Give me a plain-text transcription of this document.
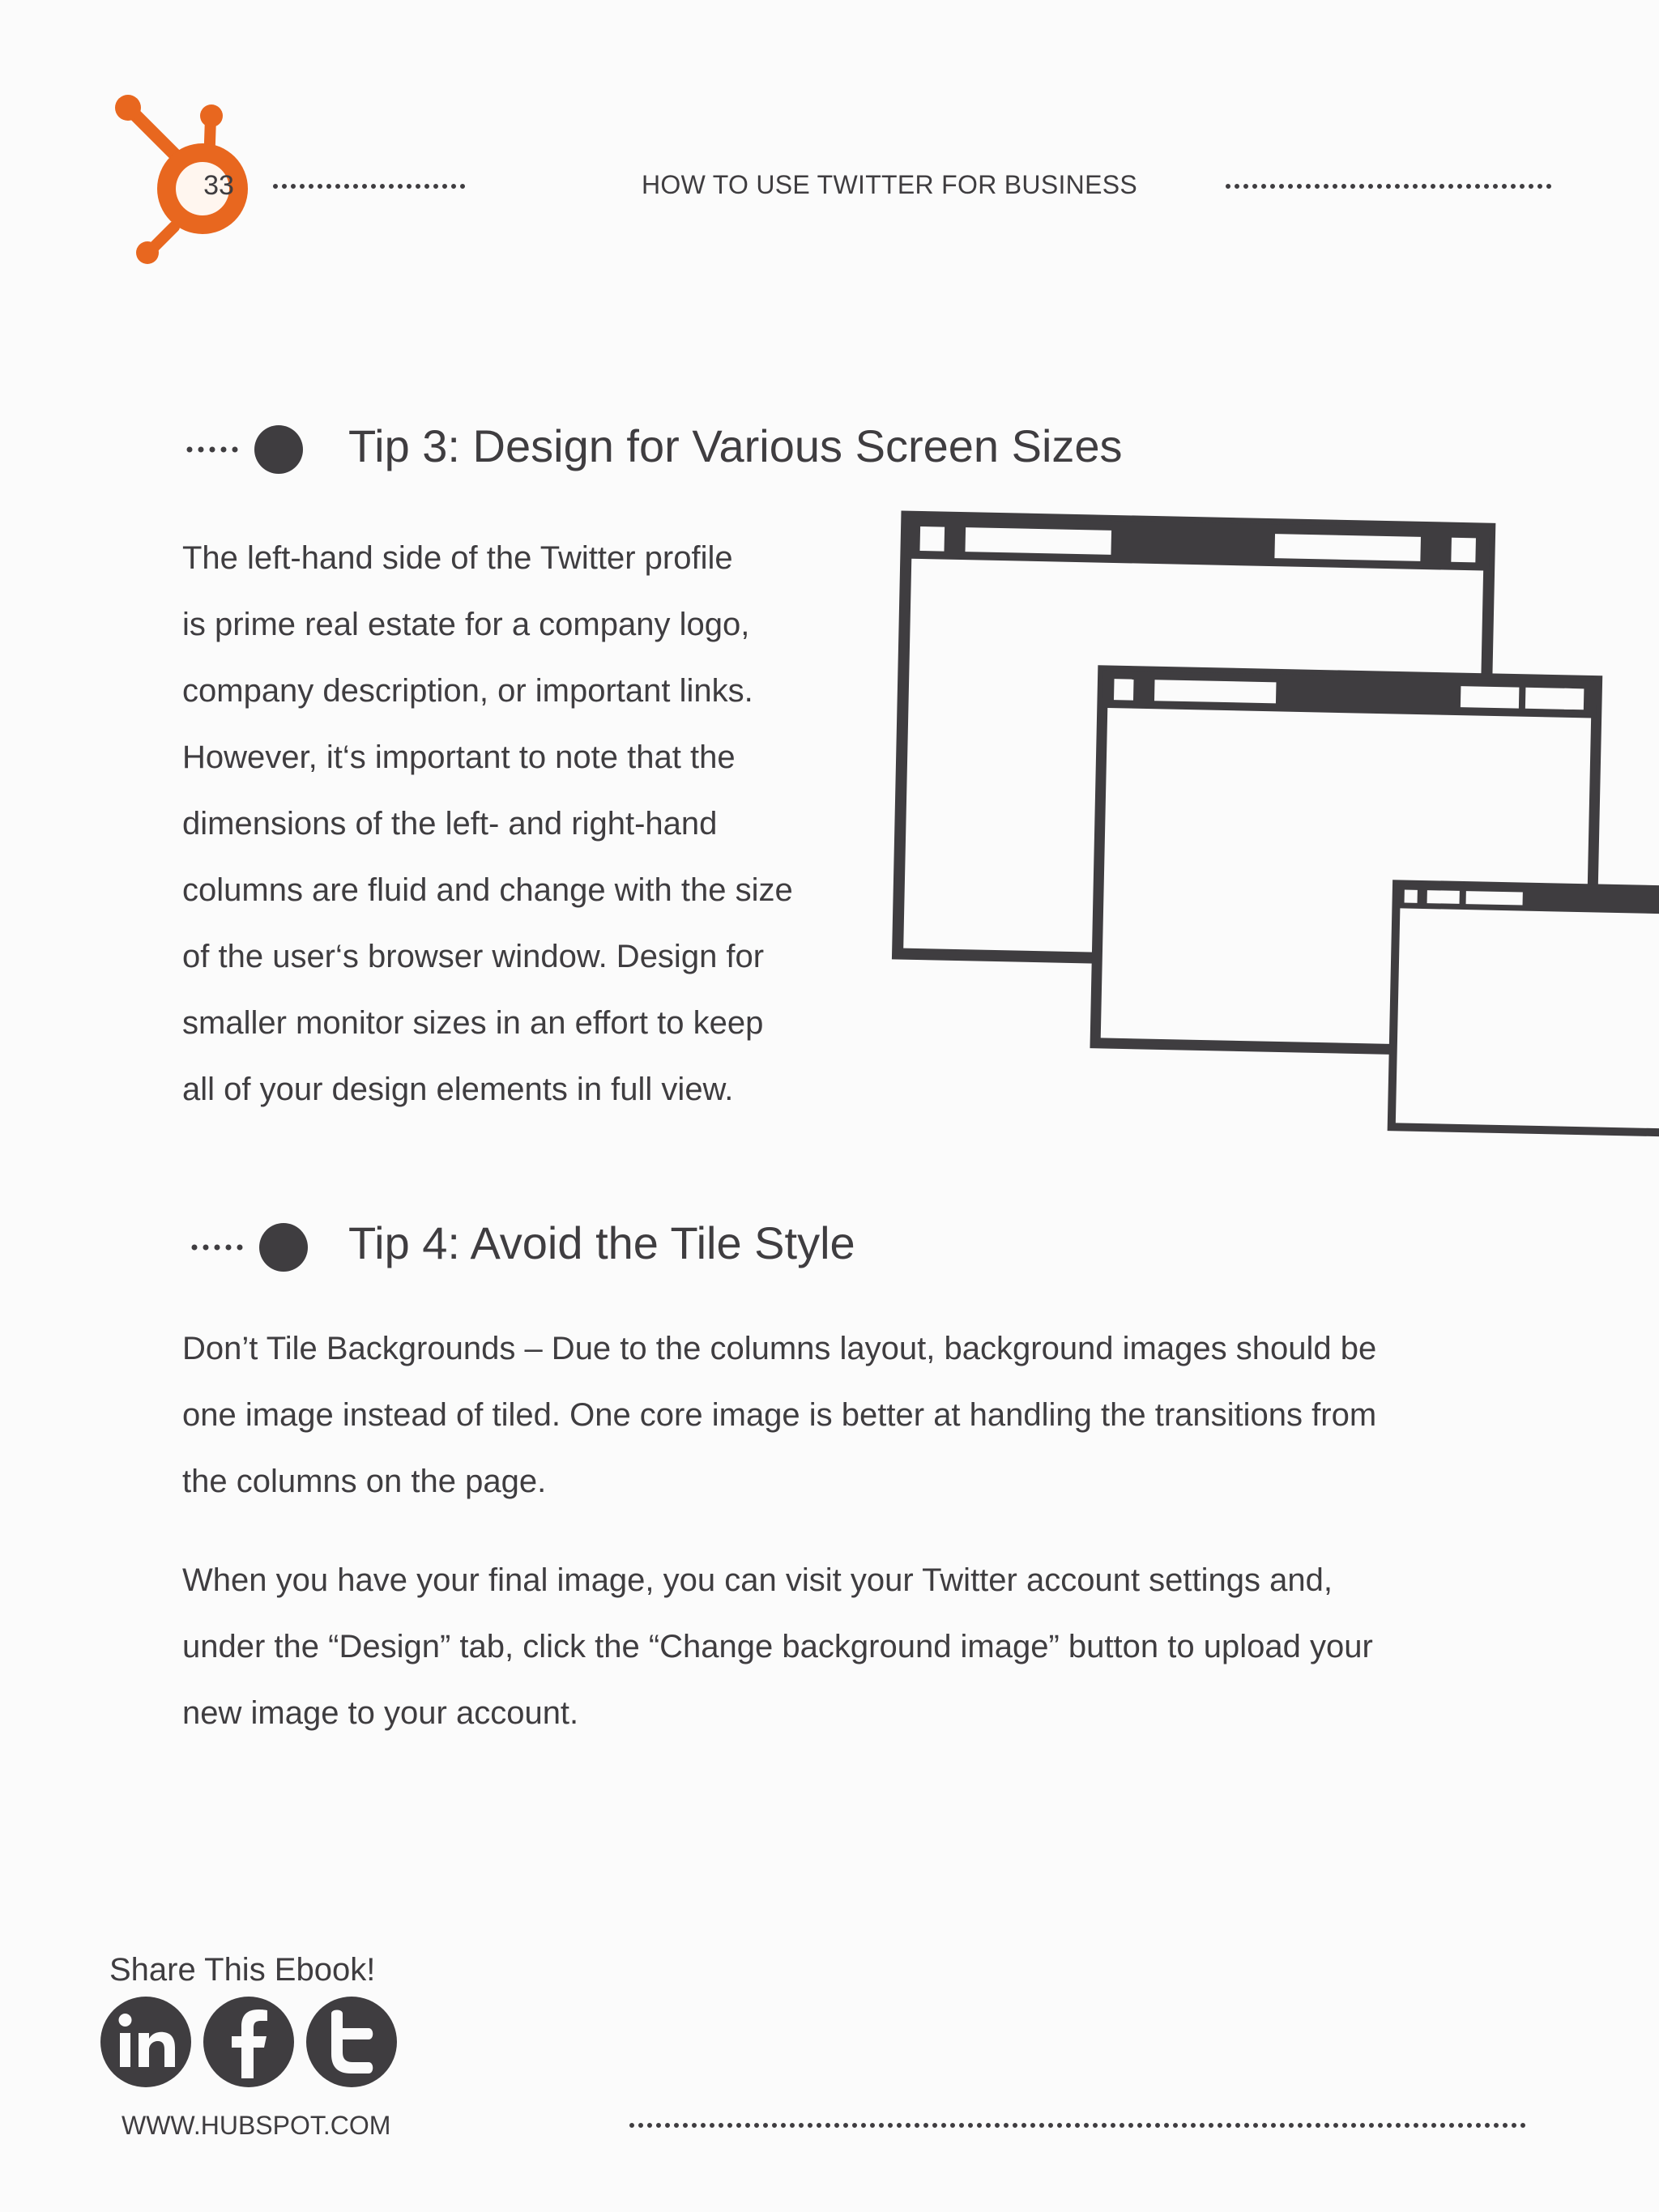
33	HOW TO USE TWITTER FOR BUSINESS
Tip 3: Design for Various Screen Sizes

The left-hand side of the Twitter profile

is prime real estate for a company logo,

company description, or important links.

However, it‘s important to note that the

dimensions of the left- and right-hand

columns are fluid and change with the size

of the user‘s browser window. Design for

smaller monitor sizes in an effort to keep

all of your design elements in full view.

Tip 4: Avoid the Tile Style

Don’t Tile Backgrounds – Due to the columns layout, background images should be
one image instead of tiled. One core image is better at handling the transitions from
the columns on the page.

When you have your final image, you can visit your Twitter account settings and,
under the “Design” tab, click the “Change background image” button to upload your
new image to your account.

Share This Ebook!
WWW.HUBSPOT.COM
